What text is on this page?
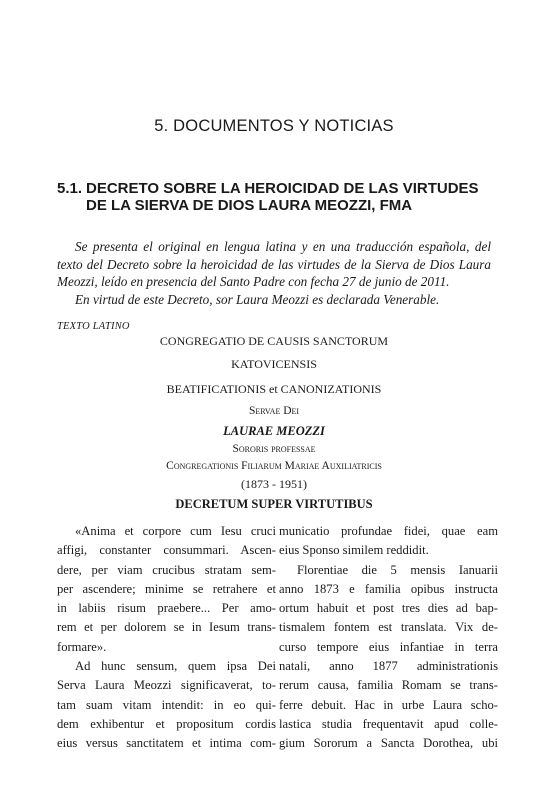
5. DOCUMENTOS Y NOTICIAS
5.1. DECRETO SOBRE LA HEROICIDAD DE LAS VIRTUDES
DE LA SIERVA DE DIOS LAURA MEOZZI, FMA

Se presenta el original en lengua latina y en una traducción española, del

texto del Decreto sobre la heroicidad de las virtudes de la Sierva de Dios Laura
Meozzi, leído en presencia del Santo Padre con fecha 27 de junio de 2011.

En virtud de este Decreto, sor Laura Meozzi es declarada Venerable.

TEXTO LATINO
CONGREGATIO DE CAUSIS SANCTORUM
KATOVICENSIS
BEATIFICATIONIS et CANONIZATIONIS
Servae Dei
LAURAE MEOZZI
Sororis professae
Congregationis Filiarum Mariae Auxiliatricis
(1873 - 1951)
DECRETUM SUPER VIRTUTIBUS
«Anima et corpore cum Iesu cruci
affigi, constanter consummari. Ascen-
dere, per viam crucibus stratam sem-
per ascendere; minime se retrahere et
in labiis risum praebere... Per amo-
rem et per dolorem se in Iesum trans-
formare».
Ad hunc sensum, quem ipsa Dei
Serva Laura Meozzi significaverat, to-
tam suam vitam intendit: in eo qui-
dem exhibentur et propositum cordis
eius versus sanctitatem et intima com-
municatio profundae fidei, quae eam
eius Sponso similem reddidit.
Florentiae die 5 mensis Ianuarii
anno 1873 e familia opibus instructa
ortum habuit et post tres dies ad bap-
tismalem fontem est translata. Vix de-
curso tempore eius infantiae in terra
natali, anno 1877 administrationis
rerum causa, familia Romam se trans-
ferre debuit. Hac in urbe Laura scho-
lastica studia frequentavit apud colle-
gium Sororum a Sancta Dorothea, ubi
